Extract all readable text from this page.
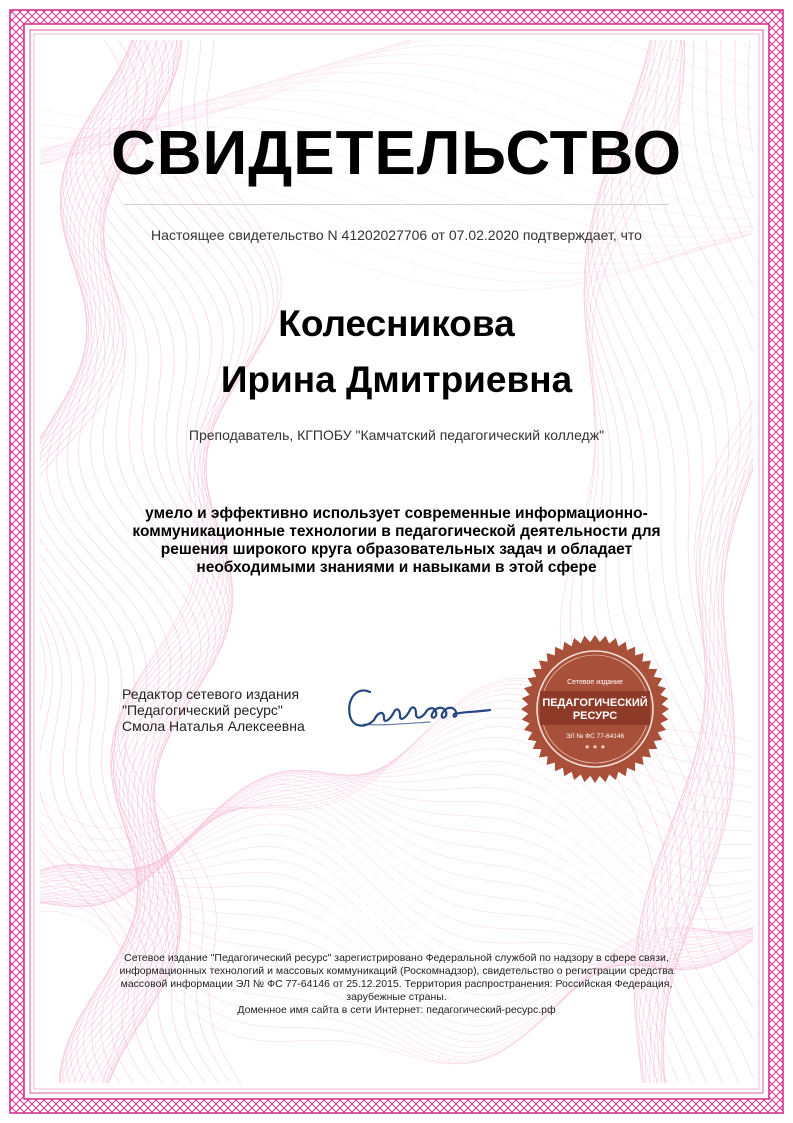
СВИДЕТЕЛЬСТВО
Настоящее свидетельство N 41202027706 от 07.02.2020 подтверждает, что
Колесникова
Ирина Дмитриевна
Преподаватель, КГПОБУ "Камчатский педагогический колледж"
умело и эффективно использует современные информационно-коммуникационные технологии в педагогической деятельности для решения широкого круга образовательных задач и обладает необходимыми знаниями и навыками в этой сфере
Редактор сетевого издания
"Педагогический ресурс"
Смола Наталья Алексеевна
Сетевое издание
ПЕДАГОГИЧЕСКИЙ
РЕСУРС
ЭЛ № ФС 77-64146
★ ★ ★
Сетевое издание "Педагогический ресурс" зарегистрировано Федеральной службой по надзору в сфере связи, информационных технологий и массовых коммуникаций (Роскомнадзор), свидетельство о регистрации средства массовой информации ЭЛ № ФС 77-64146 от 25.12.2015. Территория распространения: Российская Федерация, зарубежные страны.
Доменное имя сайта в сети Интернет: педагогический-ресурс.рф
